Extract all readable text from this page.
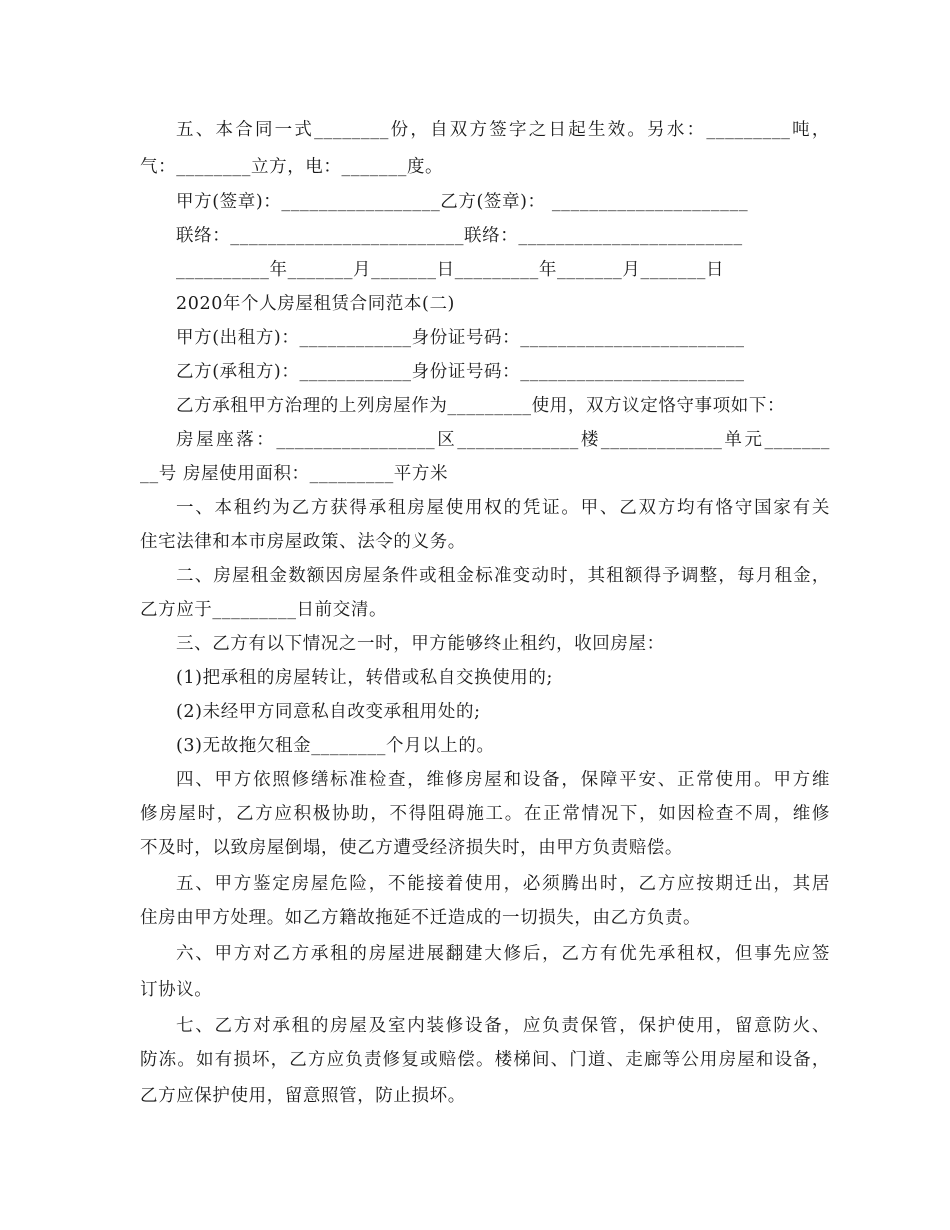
五、本合同一式________份，自双方签字之日起生效。另水：_________吨，
气：________立方，电：_______度。
甲方(签章)：_________________乙方(签章)： _____________________
联络：_________________________联络：________________________
__________年_______月_______日_________年_______月_______日
2020年个人房屋租赁合同范本(二)
甲方(出租方)：____________身份证号码：________________________
乙方(承租方)：____________身份证号码：________________________
乙方承租甲方治理的上列房屋作为_________使用，双方议定恪守事项如下：
房屋座落：_________________区_____________楼_____________单元_______
__号 房屋使用面积：_________平方米
一、本租约为乙方获得承租房屋使用权的凭证。甲、乙双方均有恪守国家有关
住宅法律和本市房屋政策、法令的义务。
二、房屋租金数额因房屋条件或租金标准变动时，其租额得予调整，每月租金，
乙方应于_________日前交清。
三、乙方有以下情况之一时，甲方能够终止租约，收回房屋：
(1)把承租的房屋转让，转借或私自交换使用的;
(2)未经甲方同意私自改变承租用处的;
(3)无故拖欠租金________个月以上的。
四、甲方依照修缮标准检查，维修房屋和设备，保障平安、正常使用。甲方维
修房屋时，乙方应积极协助，不得阻碍施工。在正常情况下，如因检查不周，维修
不及时，以致房屋倒塌，使乙方遭受经济损失时，由甲方负责赔偿。
五、甲方鉴定房屋危险，不能接着使用，必须腾出时，乙方应按期迁出，其居
住房由甲方处理。如乙方籍故拖延不迁造成的一切损失，由乙方负责。
六、甲方对乙方承租的房屋进展翻建大修后，乙方有优先承租权，但事先应签
订协议。
七、乙方对承租的房屋及室内装修设备，应负责保管，保护使用，留意防火、
防冻。如有损坏，乙方应负责修复或赔偿。楼梯间、门道、走廊等公用房屋和设备，
乙方应保护使用，留意照管，防止损坏。
